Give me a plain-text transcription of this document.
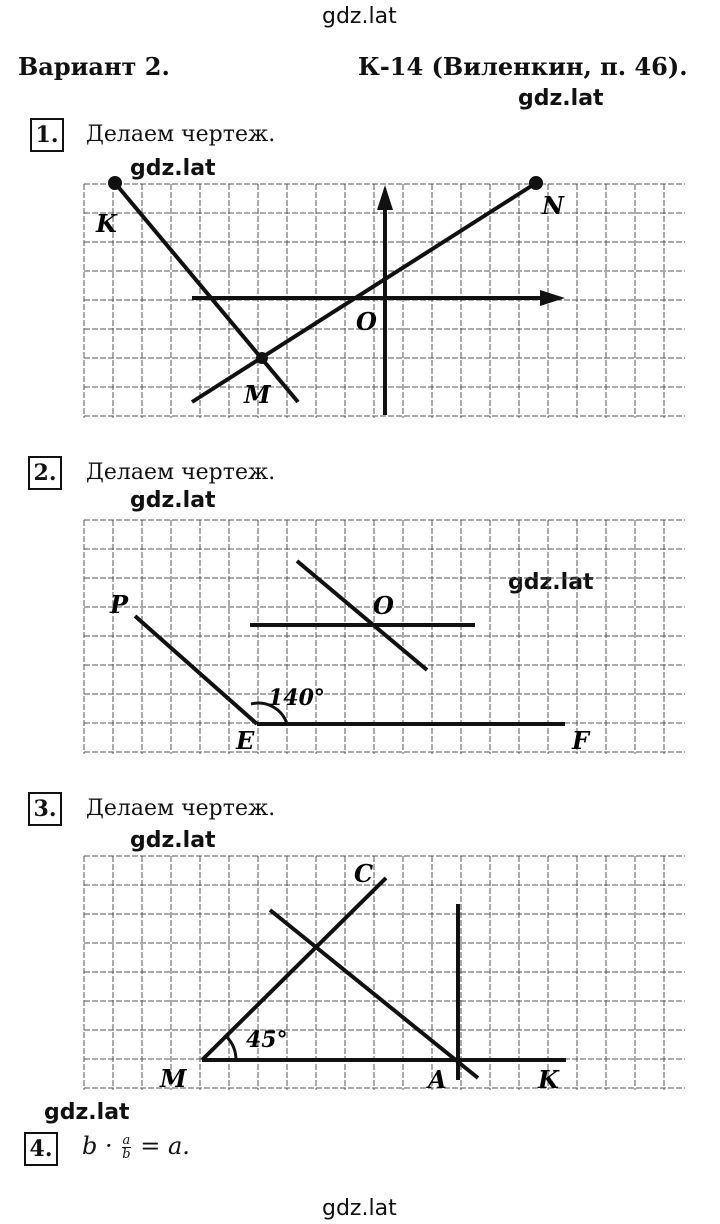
gdz.lat
gdz.lat
gdz.lat
gdz.lat
gdz.lat
gdz.lat
gdz.lat
gdz.lat
Вариант 2.	К-14 (Виленкин, п. 46).
1. Делаем чертеж.
K
N
O
M
P	O
E	F
140°
C
M	A	K
45°
2. Делаем чертеж.
3. Делаем чертеж.
4. $b \cdot \frac{a}{b} = a$.
